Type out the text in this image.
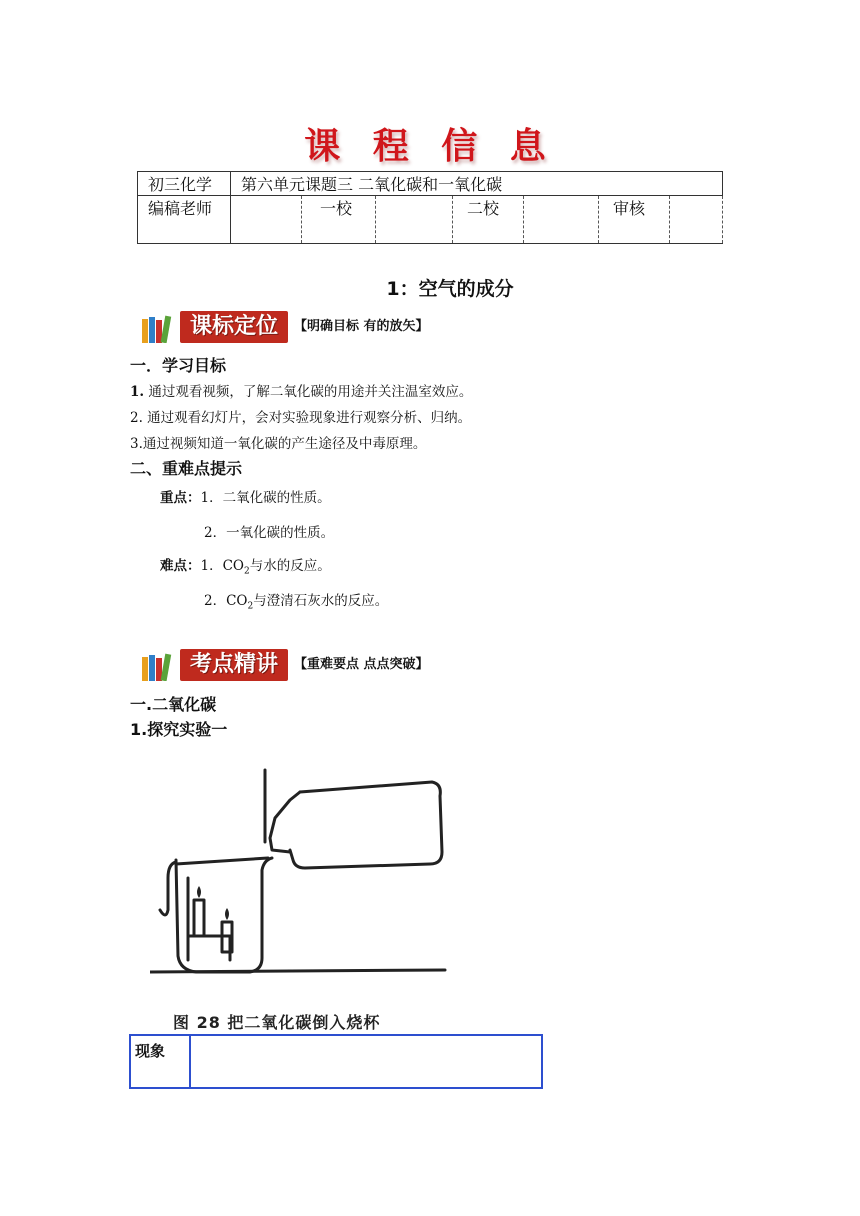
课 程 信 息
初三化学	第六单元课题三 二氧化碳和一氧化碳						
编稿老师		一校		二校		审核	
1：空气的成分
课标定位	【明确目标 有的放矢】
一．学习目标
1. 通过观看视频，了解二氧化碳的用途并关注温室效应。
2. 通过观看幻灯片，会对实验现象进行观察分析、归纳。
3.通过视频知道一氧化碳的产生途径及中毒原理。
二、重难点提示
重点：1．二氧化碳的性质。
2．一氧化碳的性质。
难点：1．$CO_2$与水的反应。
2．$CO_2$与澄清石灰水的反应。
考点精讲	【重难要点 点点突破】
一.二氧化碳
1.探究实验一
图 28 把二氧化碳倒入烧杯
现象	
